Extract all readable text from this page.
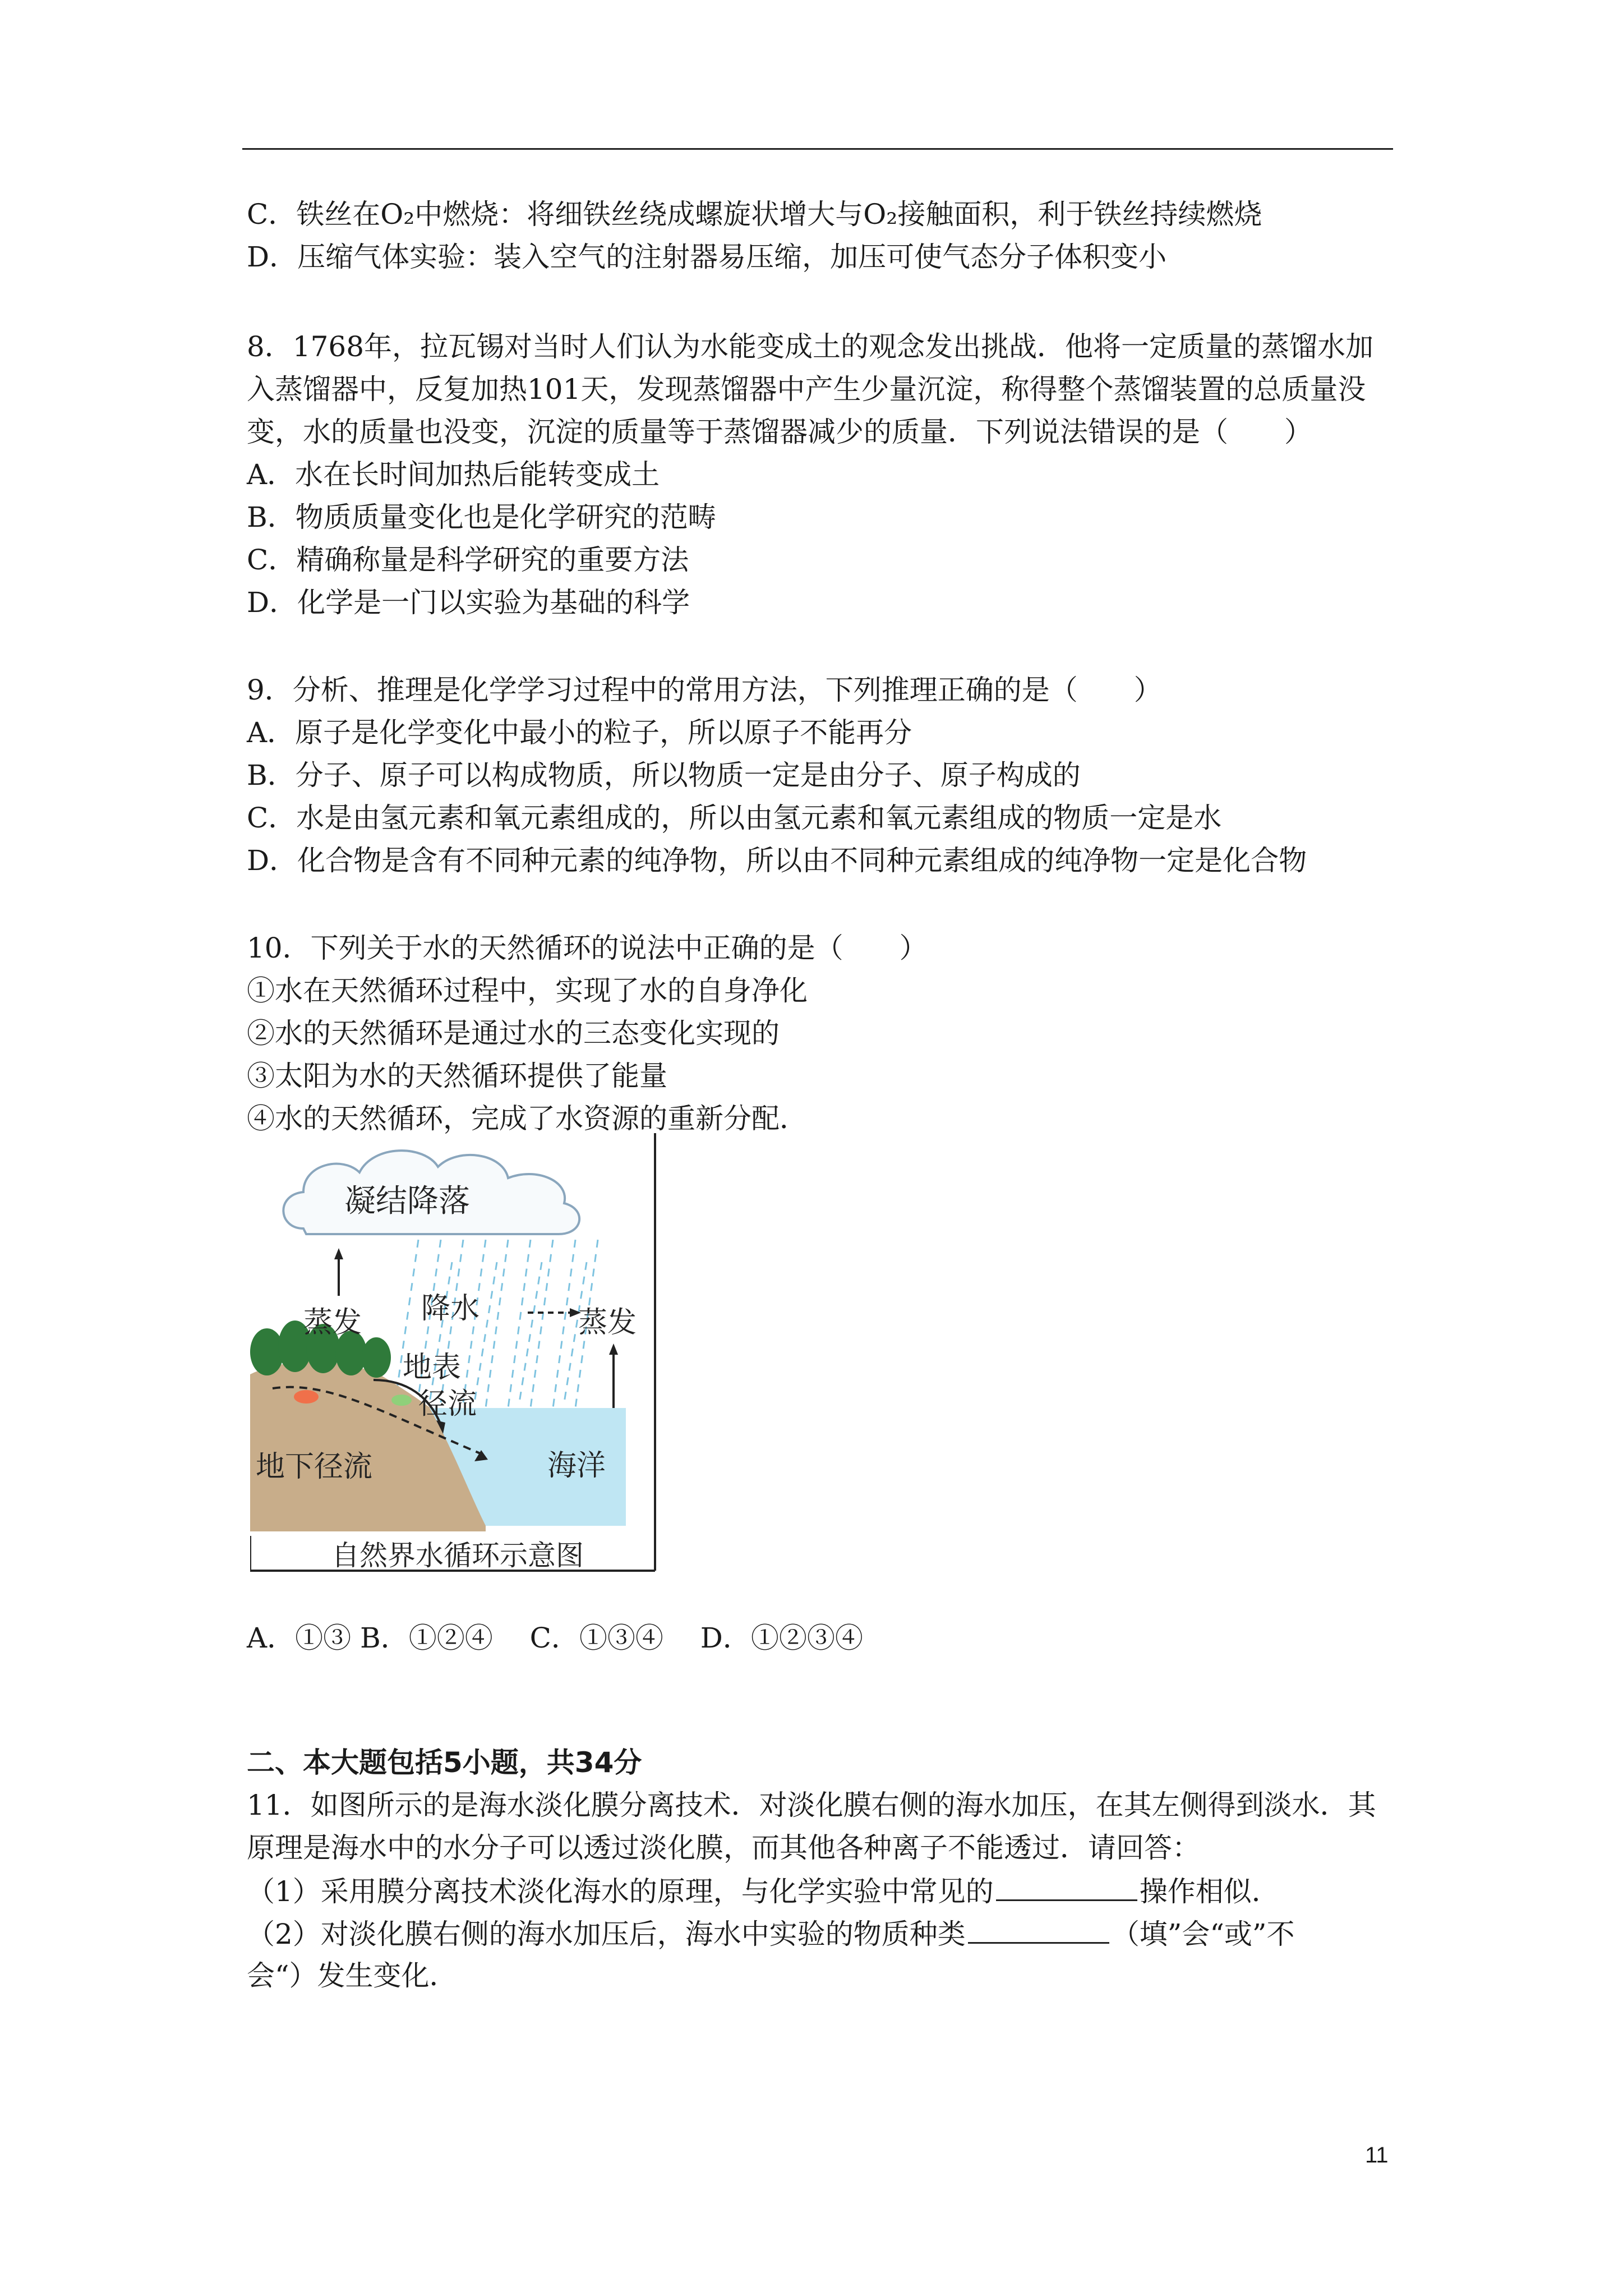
C．铁丝在O₂中燃烧：将细铁丝绕成螺旋状增大与O₂接触面积，利于铁丝持续燃烧
D．压缩气体实验：装入空气的注射器易压缩，加压可使气态分子体积变小
8．1768年，拉瓦锡对当时人们认为水能变成土的观念发出挑战．他将一定质量的蒸馏水加
入蒸馏器中，反复加热101天，发现蒸馏器中产生少量沉淀，称得整个蒸馏装置的总质量没
变，水的质量也没变，沉淀的质量等于蒸馏器减少的质量．下列说法错误的是（　　）
A．水在长时间加热后能转变成土
B．物质质量变化也是化学研究的范畴
C．精确称量是科学研究的重要方法
D．化学是一门以实验为基础的科学
9．分析、推理是化学学习过程中的常用方法，下列推理正确的是（　　）
A．原子是化学变化中最小的粒子，所以原子不能再分
B．分子、原子可以构成物质，所以物质一定是由分子、原子构成的
C．水是由氢元素和氧元素组成的，所以由氢元素和氧元素组成的物质一定是水
D．化合物是含有不同种元素的纯净物，所以由不同种元素组成的纯净物一定是化合物
10．下列关于水的天然循环的说法中正确的是（　　）
①水在天然循环过程中，实现了水的自身净化
②水的天然循环是通过水的三态变化实现的
③太阳为水的天然循环提供了能量
④水的天然循环，完成了水资源的重新分配．
凝结降落
蒸发 降水	蒸发
地表
径流
地下径流	海洋
自然界水循环示意图
A．①③ B．①②④　 C．①③④　 D．①②③④
二、本大题包括5小题，共34分
11．如图所示的是海水淡化膜分离技术．对淡化膜右侧的海水加压，在其左侧得到淡水．其
原理是海水中的水分子可以透过淡化膜，而其他各种离子不能透过．请回答：
（1）采用膜分离技术淡化海水的原理，与化学实验中常见的	操作相似．
（2）对淡化膜右侧的海水加压后，海水中实验的物质种类	（填”会“或”不
会“）发生变化．
11
